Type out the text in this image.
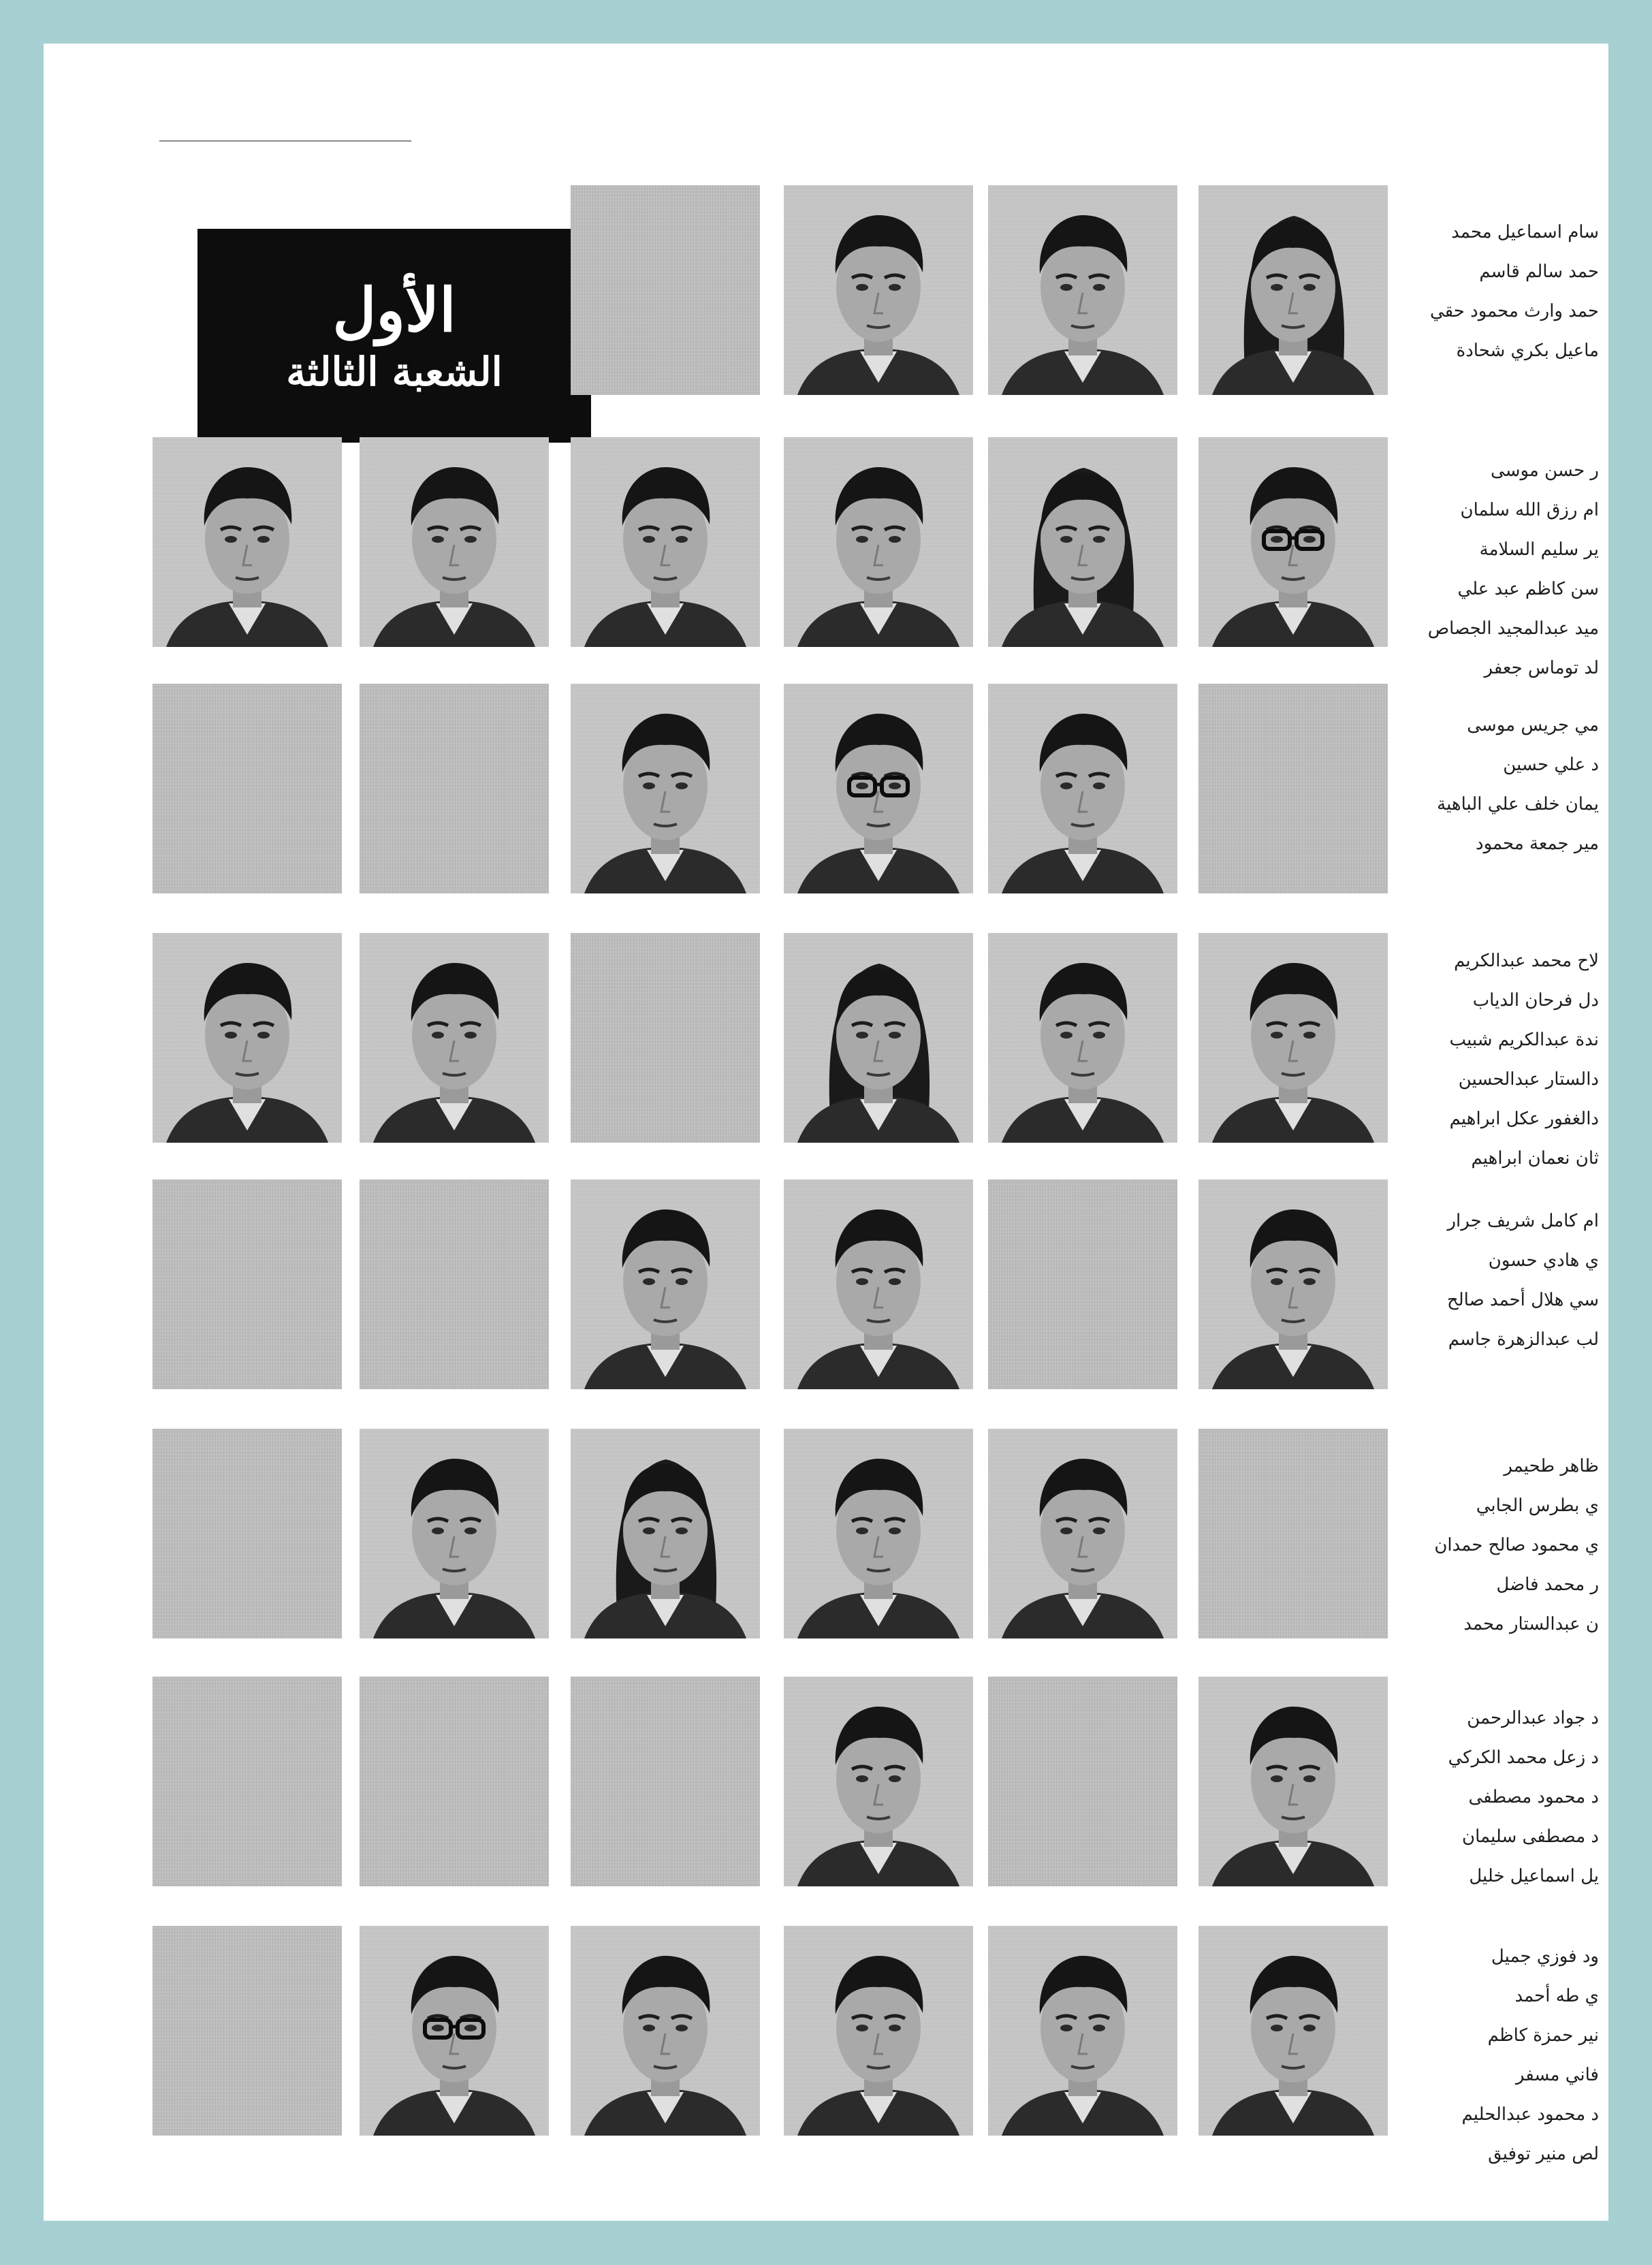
الأول
الشعبة الثالثة
سام اسماعيل محمد
حمد سالم قاسم
حمد وارث محمود حقي
ماعيل بكري شحادة
ر حسن موسى
ام رزق الله سلمان
ير سليم السلامة
سن كاظم عبد علي
ميد عبدالمجيد الجصاص
لد توماس جعفر
مي جريس موسى
د علي حسين
يمان خلف علي الباهية
مير جمعة محمود
لاح محمد عبدالكريم
دل فرحان الدياب
ندة عبدالكريم شبيب
دالستار عبدالحسين
دالغفور عكل ابراهيم
ثان نعمان ابراهيم
ام كامل شريف جرار
ي هادي حسون
سي هلال أحمد صالح
لب عبدالزهرة جاسم
ظاهر طحيمر
ي بطرس الجابي
ي محمود صالح حمدان
ر محمد فاضل
ن عبدالستار محمد
د جواد عبدالرحمن
د زعل محمد الكركي
د محمود مصطفى
د مصطفى سليمان
يل اسماعيل خليل
ود فوزي جميل
ي طه أحمد
نير حمزة كاظم
فاني مسفر
د محمود عبدالحليم
لص منير توفيق
